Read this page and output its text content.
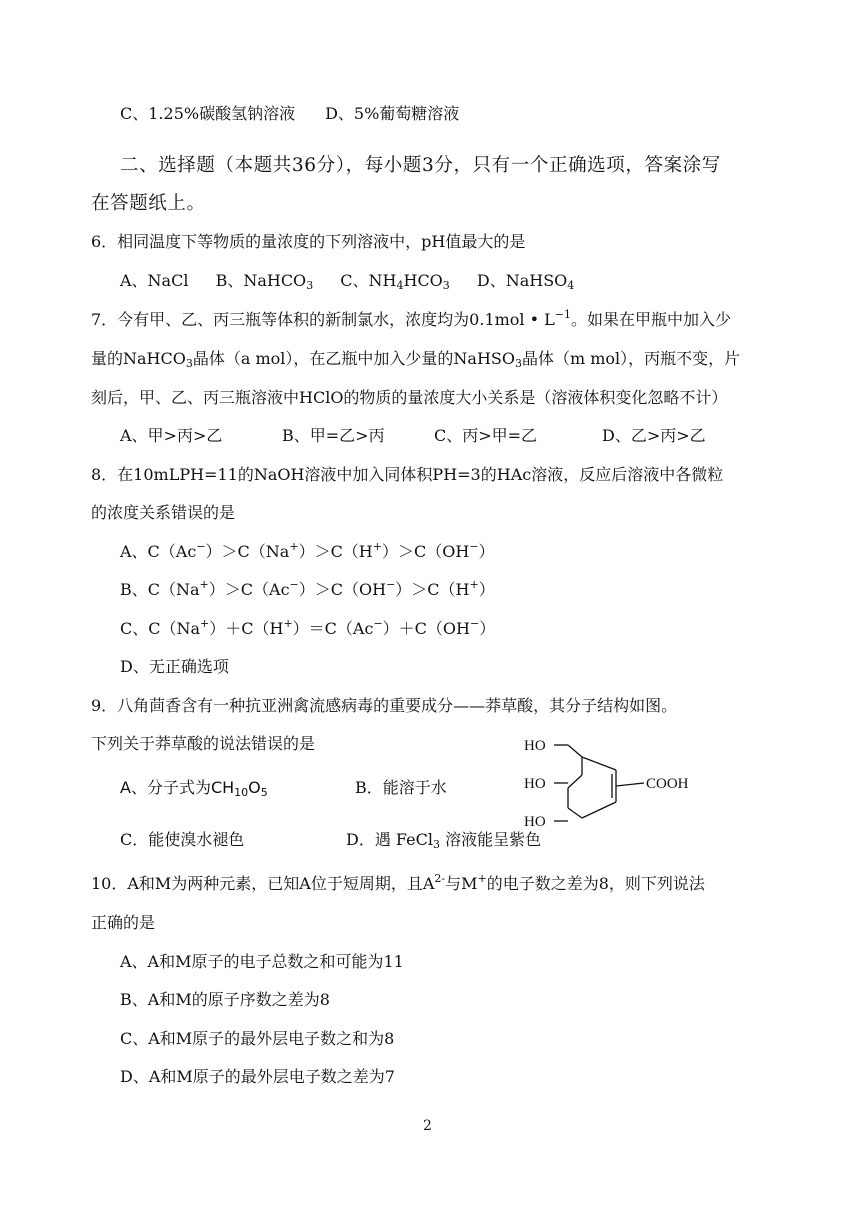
C、1.25%碳酸氢钠溶液 D、5%葡萄糖溶液
二、选择题（本题共36分），每小题3分，只有一个正确选项，答案涂写
在答题纸上。
6．相同温度下等物质的量浓度的下列溶液中，pH值最大的是
A、NaCl B、NaHCO$_3$ C、$NH_4HCO_3$ D、NaHSO$_4$
7．今有甲、乙、丙三瓶等体积的新制氯水，浓度均为0.1mol • $L^{-1}$。如果在甲瓶中加入少
量的NaHCO$_3$晶体（a mol），在乙瓶中加入少量的NaHSO$_3$晶体（m mol），丙瓶不变，片
刻后，甲、乙、丙三瓶溶液中HClO的物质的量浓度大小关系是（溶液体积变化忽略不计）
A、甲>丙>乙	B、甲=乙>丙	C、丙>甲=乙	D、乙>丙>乙
8．在10mLPH=11的NaOH溶液中加入同体积PH=3的HAc溶液，反应后溶液中各微粒
的浓度关系错误的是
A、C（Ac−）＞C（Na+）＞C（H+）＞C（OH−）
B、C（Na+）＞C（Ac−）＞C（OH−）＞C（H+）
C、C（Na+）＋C（H+）＝C（Ac−）＋C（OH−）
D、无正确选项
9．八角茴香含有一种抗亚洲禽流感病毒的重要成分——莽草酸，其分子结构如图。
下列关于莽草酸的说法错误的是
A、分子式为$CH_{10}O_5$	B．能溶于水
C．能使溴水褪色	D．遇 FeCl$_3$ 溶液能呈紫色
HO
HO
HO
COOH
10．A和M为两种元素，已知A位于短周期，且$A^{2-}$与M+的电子数之差为8，则下列说法
正确的是
A、A和M原子的电子总数之和可能为11
B、A和M的原子序数之差为8
C、A和M原子的最外层电子数之和为8
D、A和M原子的最外层电子数之差为7
2
